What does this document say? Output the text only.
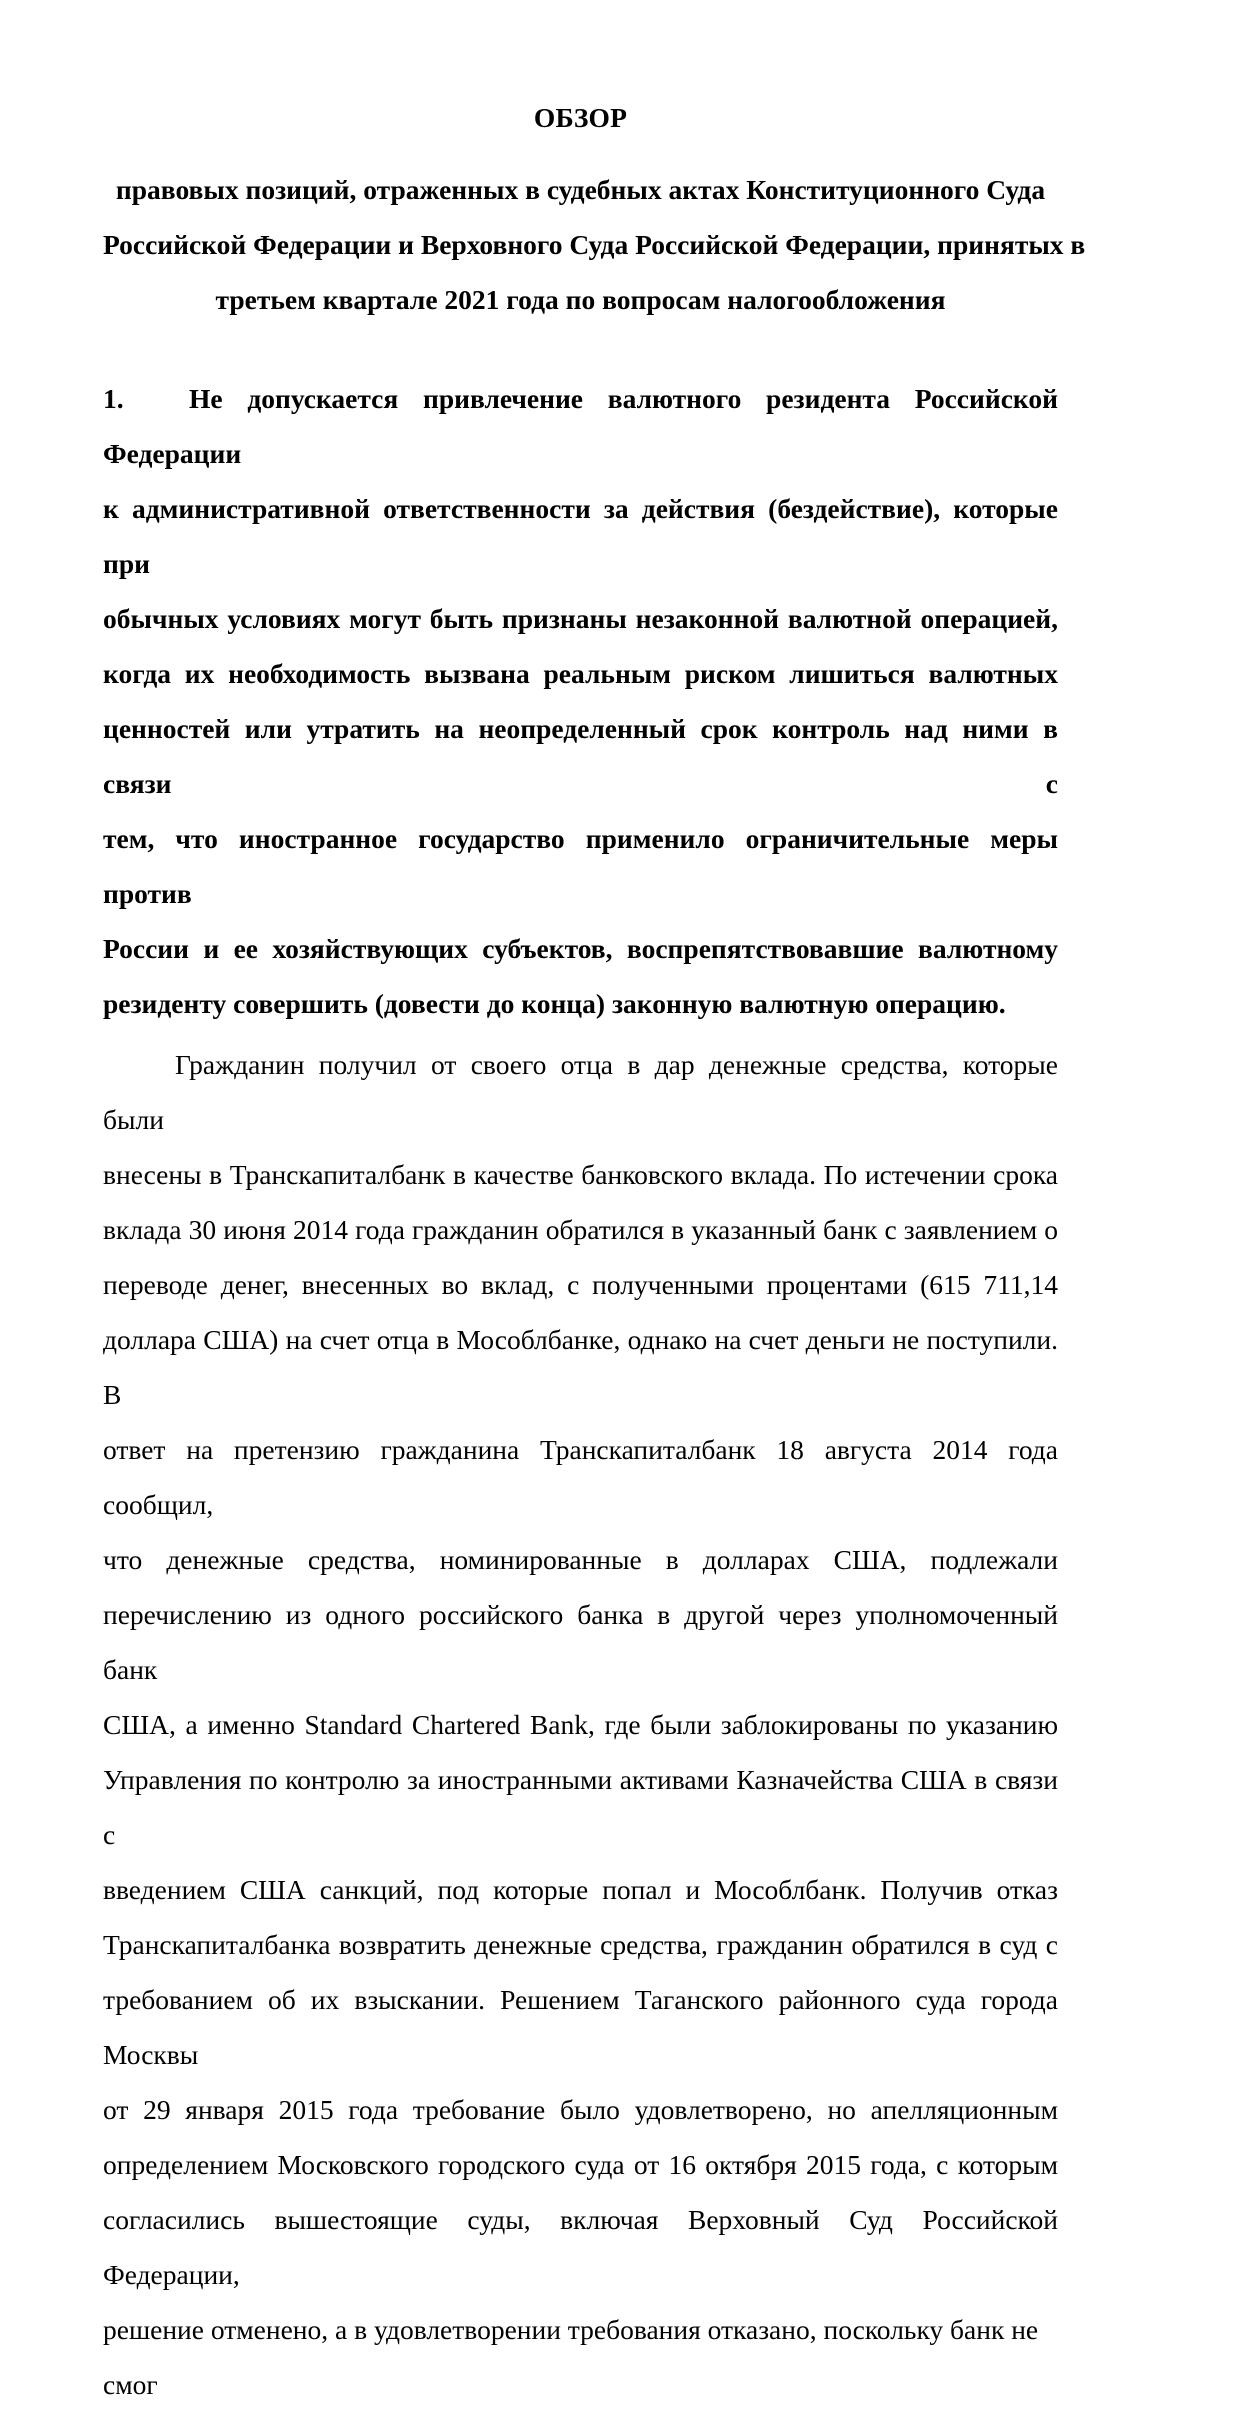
ОБЗОР
правовых позиций, отраженных в судебных актах Конституционного Суда
Российской Федерации и Верховного Суда Российской Федерации, принятых в
третьем квартале 2021 года по вопросам налогообложения
1. Не допускается привлечение валютного резидента Российской Федерации
к административной ответственности за действия (бездействие), которые при
обычных условиях могут быть признаны незаконной валютной операцией,
когда их необходимость вызвана реальным риском лишиться валютных
ценностей или утратить на неопределенный срок контроль над ними в связи с
тем, что иностранное государство применило ограничительные меры против
России и ее хозяйствующих субъектов, воспрепятствовавшие валютному
резиденту совершить (довести до конца) законную валютную операцию.
Гражданин получил от своего отца в дар денежные средства, которые были
внесены в Транскапиталбанк в качестве банковского вклада. По истечении срока
вклада 30 июня 2014 года гражданин обратился в указанный банк с заявлением о
переводе денег, внесенных во вклад, с полученными процентами (615 711,14
доллара США) на счет отца в Мособлбанке, однако на счет деньги не поступили. В
ответ на претензию гражданина Транскапиталбанк 18 августа 2014 года сообщил,
что денежные средства, номинированные в долларах США, подлежали
перечислению из одного российского банка в другой через уполномоченный банк
США, а именно Standard Chartered Bank, где были заблокированы по указанию
Управления по контролю за иностранными активами Казначейства США в связи с
введением США санкций, под которые попал и Мособлбанк. Получив отказ
Транскапиталбанка возвратить денежные средства, гражданин обратился в суд с
требованием об их взыскании. Решением Таганского районного суда города Москвы
от 29 января 2015 года требование было удовлетворено, но апелляционным
определением Московского городского суда от 16 октября 2015 года, с которым
согласились вышестоящие суды, включая Верховный Суд Российской Федерации,
решение отменено, а в удовлетворении требования отказано, поскольку банк не смог
